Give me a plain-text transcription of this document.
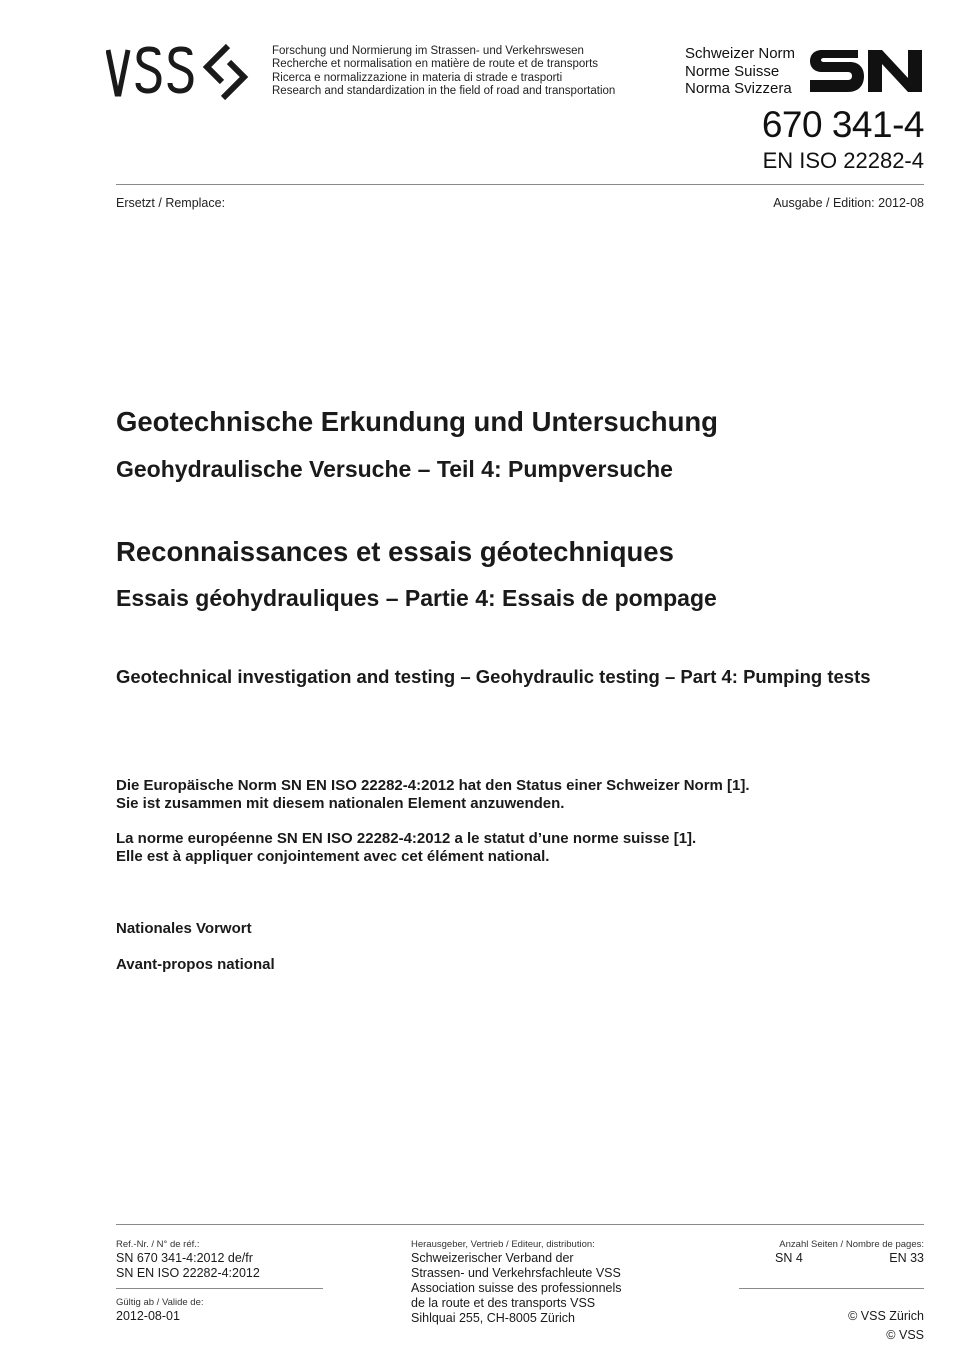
Forschung und Normierung im Strassen- und Verkehrswesen
Recherche et normalisation en matière de route et de transports
Ricerca e normalizzazione in materia di strade e trasporti
Research and standardization in the field of road and transportation
Schweizer Norm
Norme Suisse
Norma Svizzera
670 341-4
EN ISO 22282-4
Ersetzt / Remplace:	Ausgabe / Edition: 2012-08
Geotechnische Erkundung und Untersuchung
Geohydraulische Versuche – Teil 4: Pumpversuche
Reconnaissances et essais géotechniques
Essais géohydrauliques – Partie 4: Essais de pompage
Geotechnical investigation and testing – Geohydraulic testing – Part 4: Pumping tests
Die Europäische Norm SN EN ISO 22282-4:2012 hat den Status einer Schweizer Norm [1].
Sie ist zusammen mit diesem nationalen Element anzuwenden.
La norme européenne SN EN ISO 22282-4:2012 a le statut d’une norme suisse [1].
Elle est à appliquer conjointement avec cet élément national.
Nationales Vorwort
Avant-propos national
Ref.-Nr. / N° de réf.:
SN 670 341-4:2012 de/fr
SN EN ISO 22282-4:2012
Gültig ab / Valide de:
2012-08-01
Herausgeber, Vertrieb / Editeur, distribution:
Schweizerischer Verband der
Strassen- und Verkehrsfachleute VSS
Association suisse des professionnels
de la route et des transports VSS
Sihlquai 255, CH-8005 Zürich
Anzahl Seiten / Nombre de pages:
SN 4	EN 33
© VSS Zürich
© VSS
